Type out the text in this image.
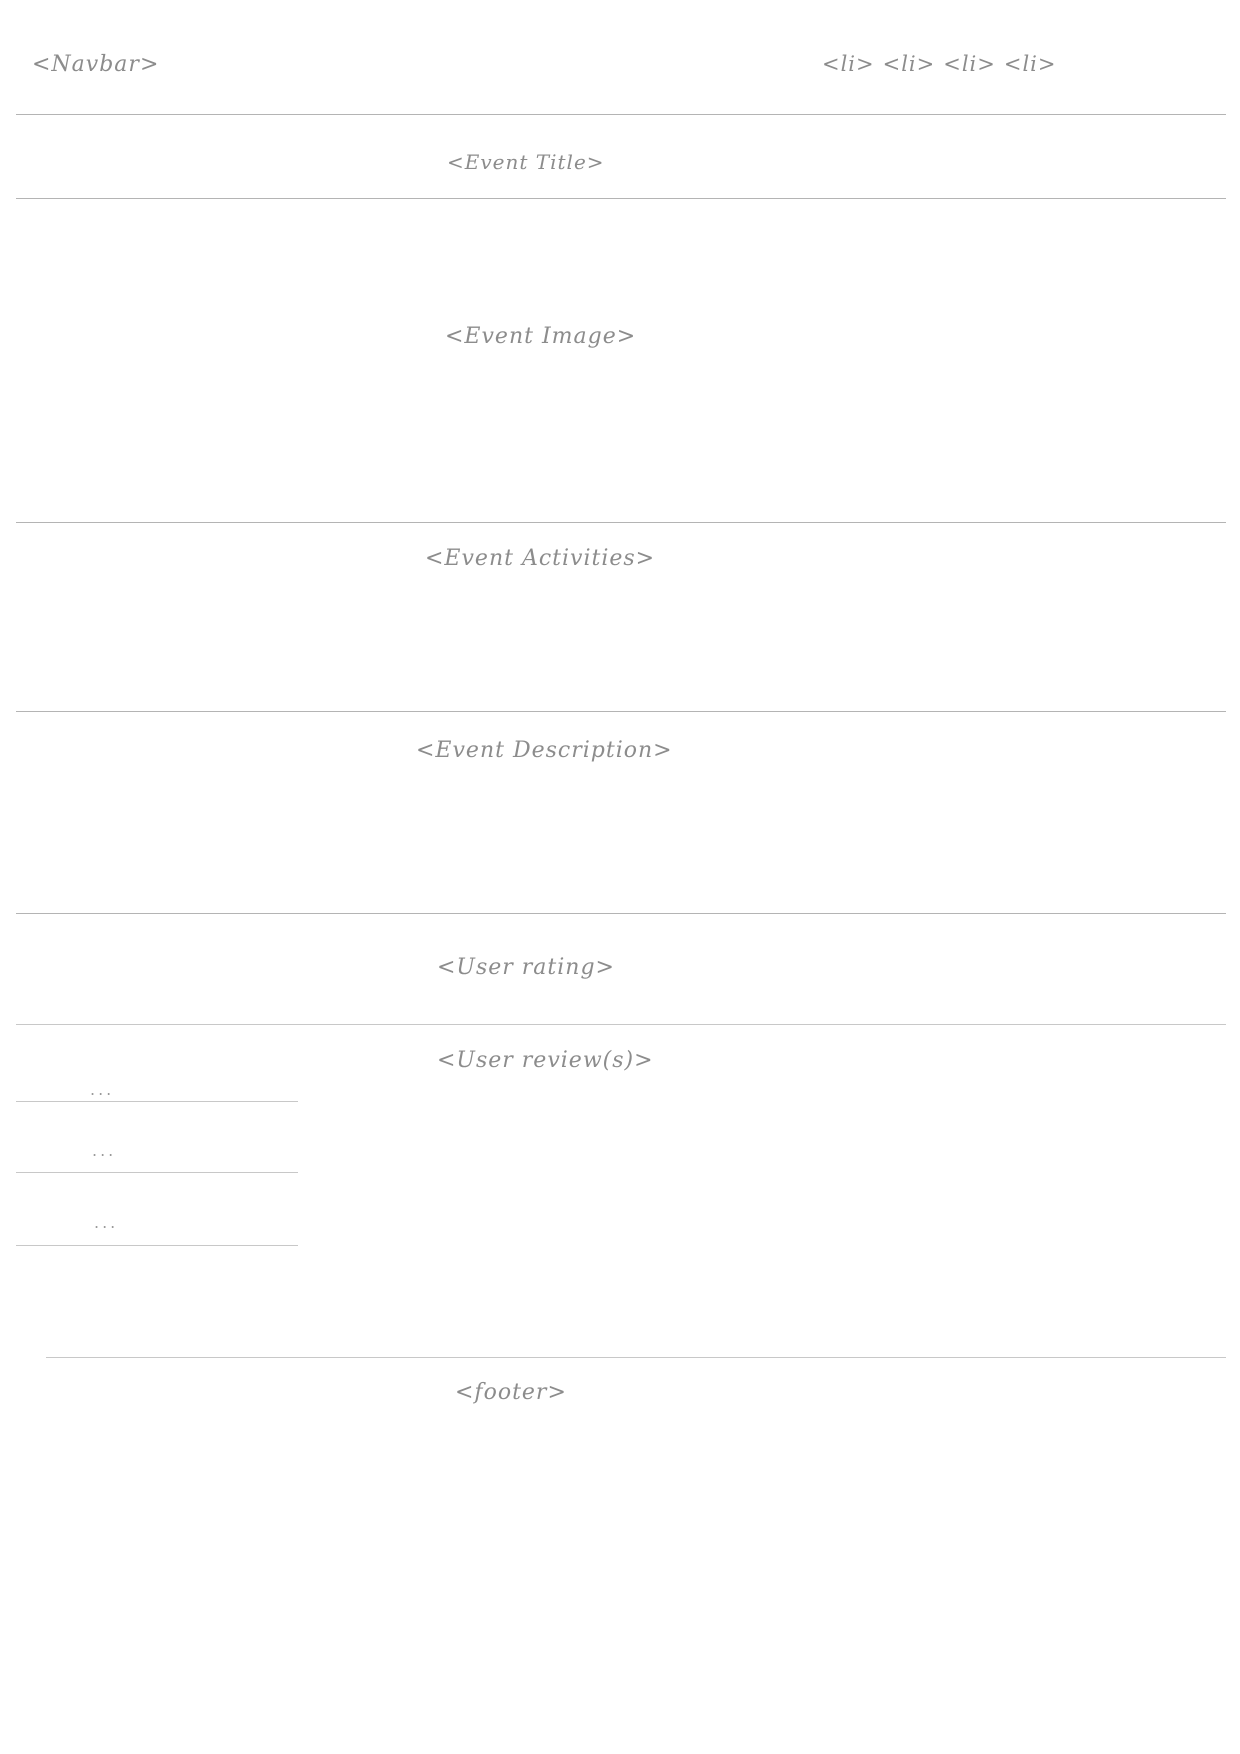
<Navbar>	<li> <li> <li> <li>
<Event Title>
<Event Image>
<Event Activities>
<Event Description>
<User rating>
<User review(s)>
...
...
...
<footer>
